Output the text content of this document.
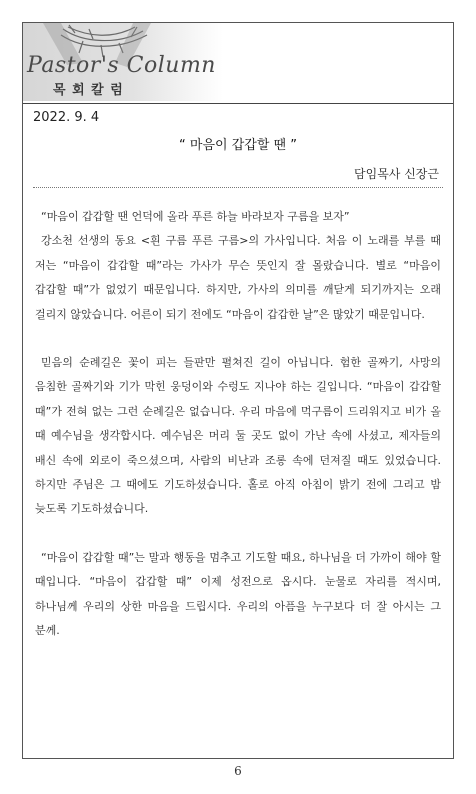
Pastor's Column
목 회 칼 럼
2022. 9. 4
“ 마음이 갑갑할 땐 ”
담임목사 신장근

“마음이 갑갑할 땐 언덕에 올라 푸른 하늘 바라보자 구름을 보자”

강소천 선생의 동요 <흰 구름 푸른 구름>의 가사입니다. 처음 이 노래를 부를 때 저는 “마음이 갑갑할 때”라는 가사가 무슨 뜻인지 잘 몰랐습니다. 별로 “마음이 갑갑할 때”가 없었기 때문입니다. 하지만, 가사의 의미를 깨닫게 되기까지는 오래 걸리지 않았습니다. 어른이 되기 전에도 “마음이 갑갑한 날”은 많았기 때문입니다.

믿음의 순례길은 꽃이 피는 들판만 펼쳐진 길이 아닙니다. 험한 골짜기, 사망의 음침한 골짜기와 기가 막힌 웅덩이와 수렁도 지나야 하는 길입니다. “마음이 갑갑할 때”가 전혀 없는 그런 순례길은 없습니다. 우리 마음에 먹구름이 드리워지고 비가 올 때 예수님을 생각합시다. 예수님은 머리 둘 곳도 없이 가난 속에 사셨고, 제자들의 배신 속에 외로이 죽으셨으며, 사람의 비난과 조롱 속에 던져질 때도 있었습니다. 하지만 주님은 그 때에도 기도하셨습니다. 홀로 아직 아침이 밝기 전에 그리고 밤 늦도록 기도하셨습니다.

“마음이 갑갑할 때”는 말과 행동을 멈추고 기도할 때요, 하나님을 더 가까이 해야 할 때입니다. “마음이 갑갑할 때” 이제 성전으로 옵시다. 눈물로 자리를 적시며, 하나님께 우리의 상한 마음을 드립시다. 우리의 아픔을 누구보다 더 잘 아시는 그 분께.

6
